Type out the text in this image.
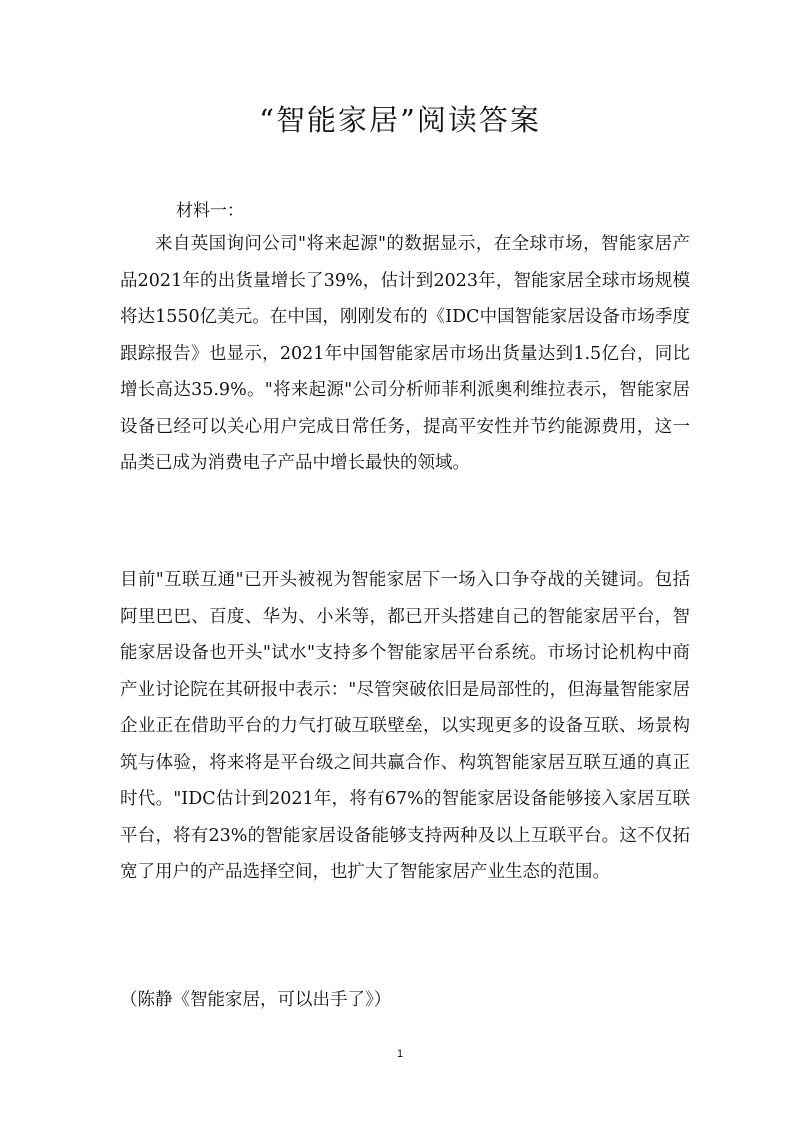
“智能家居”阅读答案

材料一：

来自英国询问公司"将来起源"的数据显示，在全球市场，智能家居产品2021年的出货量增长了39%，估计到2023年，智能家居全球市场规模将达1550亿美元。在中国，刚刚发布的《IDC中国智能家居设备市场季度跟踪报告》也显示，2021年中国智能家居市场出货量达到1.5亿台，同比增长高达35.9%。"将来起源"公司分析师菲利派奥利维拉表示，智能家居设备已经可以关心用户完成日常任务，提高平安性并节约能源费用，这一品类已成为消费电子产品中增长最快的领域。

目前"互联互通"已开头被视为智能家居下一场入口争夺战的关键词。包括阿里巴巴、百度、华为、小米等，都已开头搭建自己的智能家居平台，智能家居设备也开头"试水"支持多个智能家居平台系统。市场讨论机构中商产业讨论院在其研报中表示："尽管突破依旧是局部性的，但海量智能家居企业正在借助平台的力气打破互联壁垒，以实现更多的设备互联、场景构筑与体验，将来将是平台级之间共赢合作、构筑智能家居互联互通的真正时代。"IDC估计到2021年，将有67%的智能家居设备能够接入家居互联平台，将有23%的智能家居设备能够支持两种及以上互联平台。这不仅拓宽了用户的产品选择空间，也扩大了智能家居产业生态的范围。

（陈静《智能家居，可以出手了》）

1
